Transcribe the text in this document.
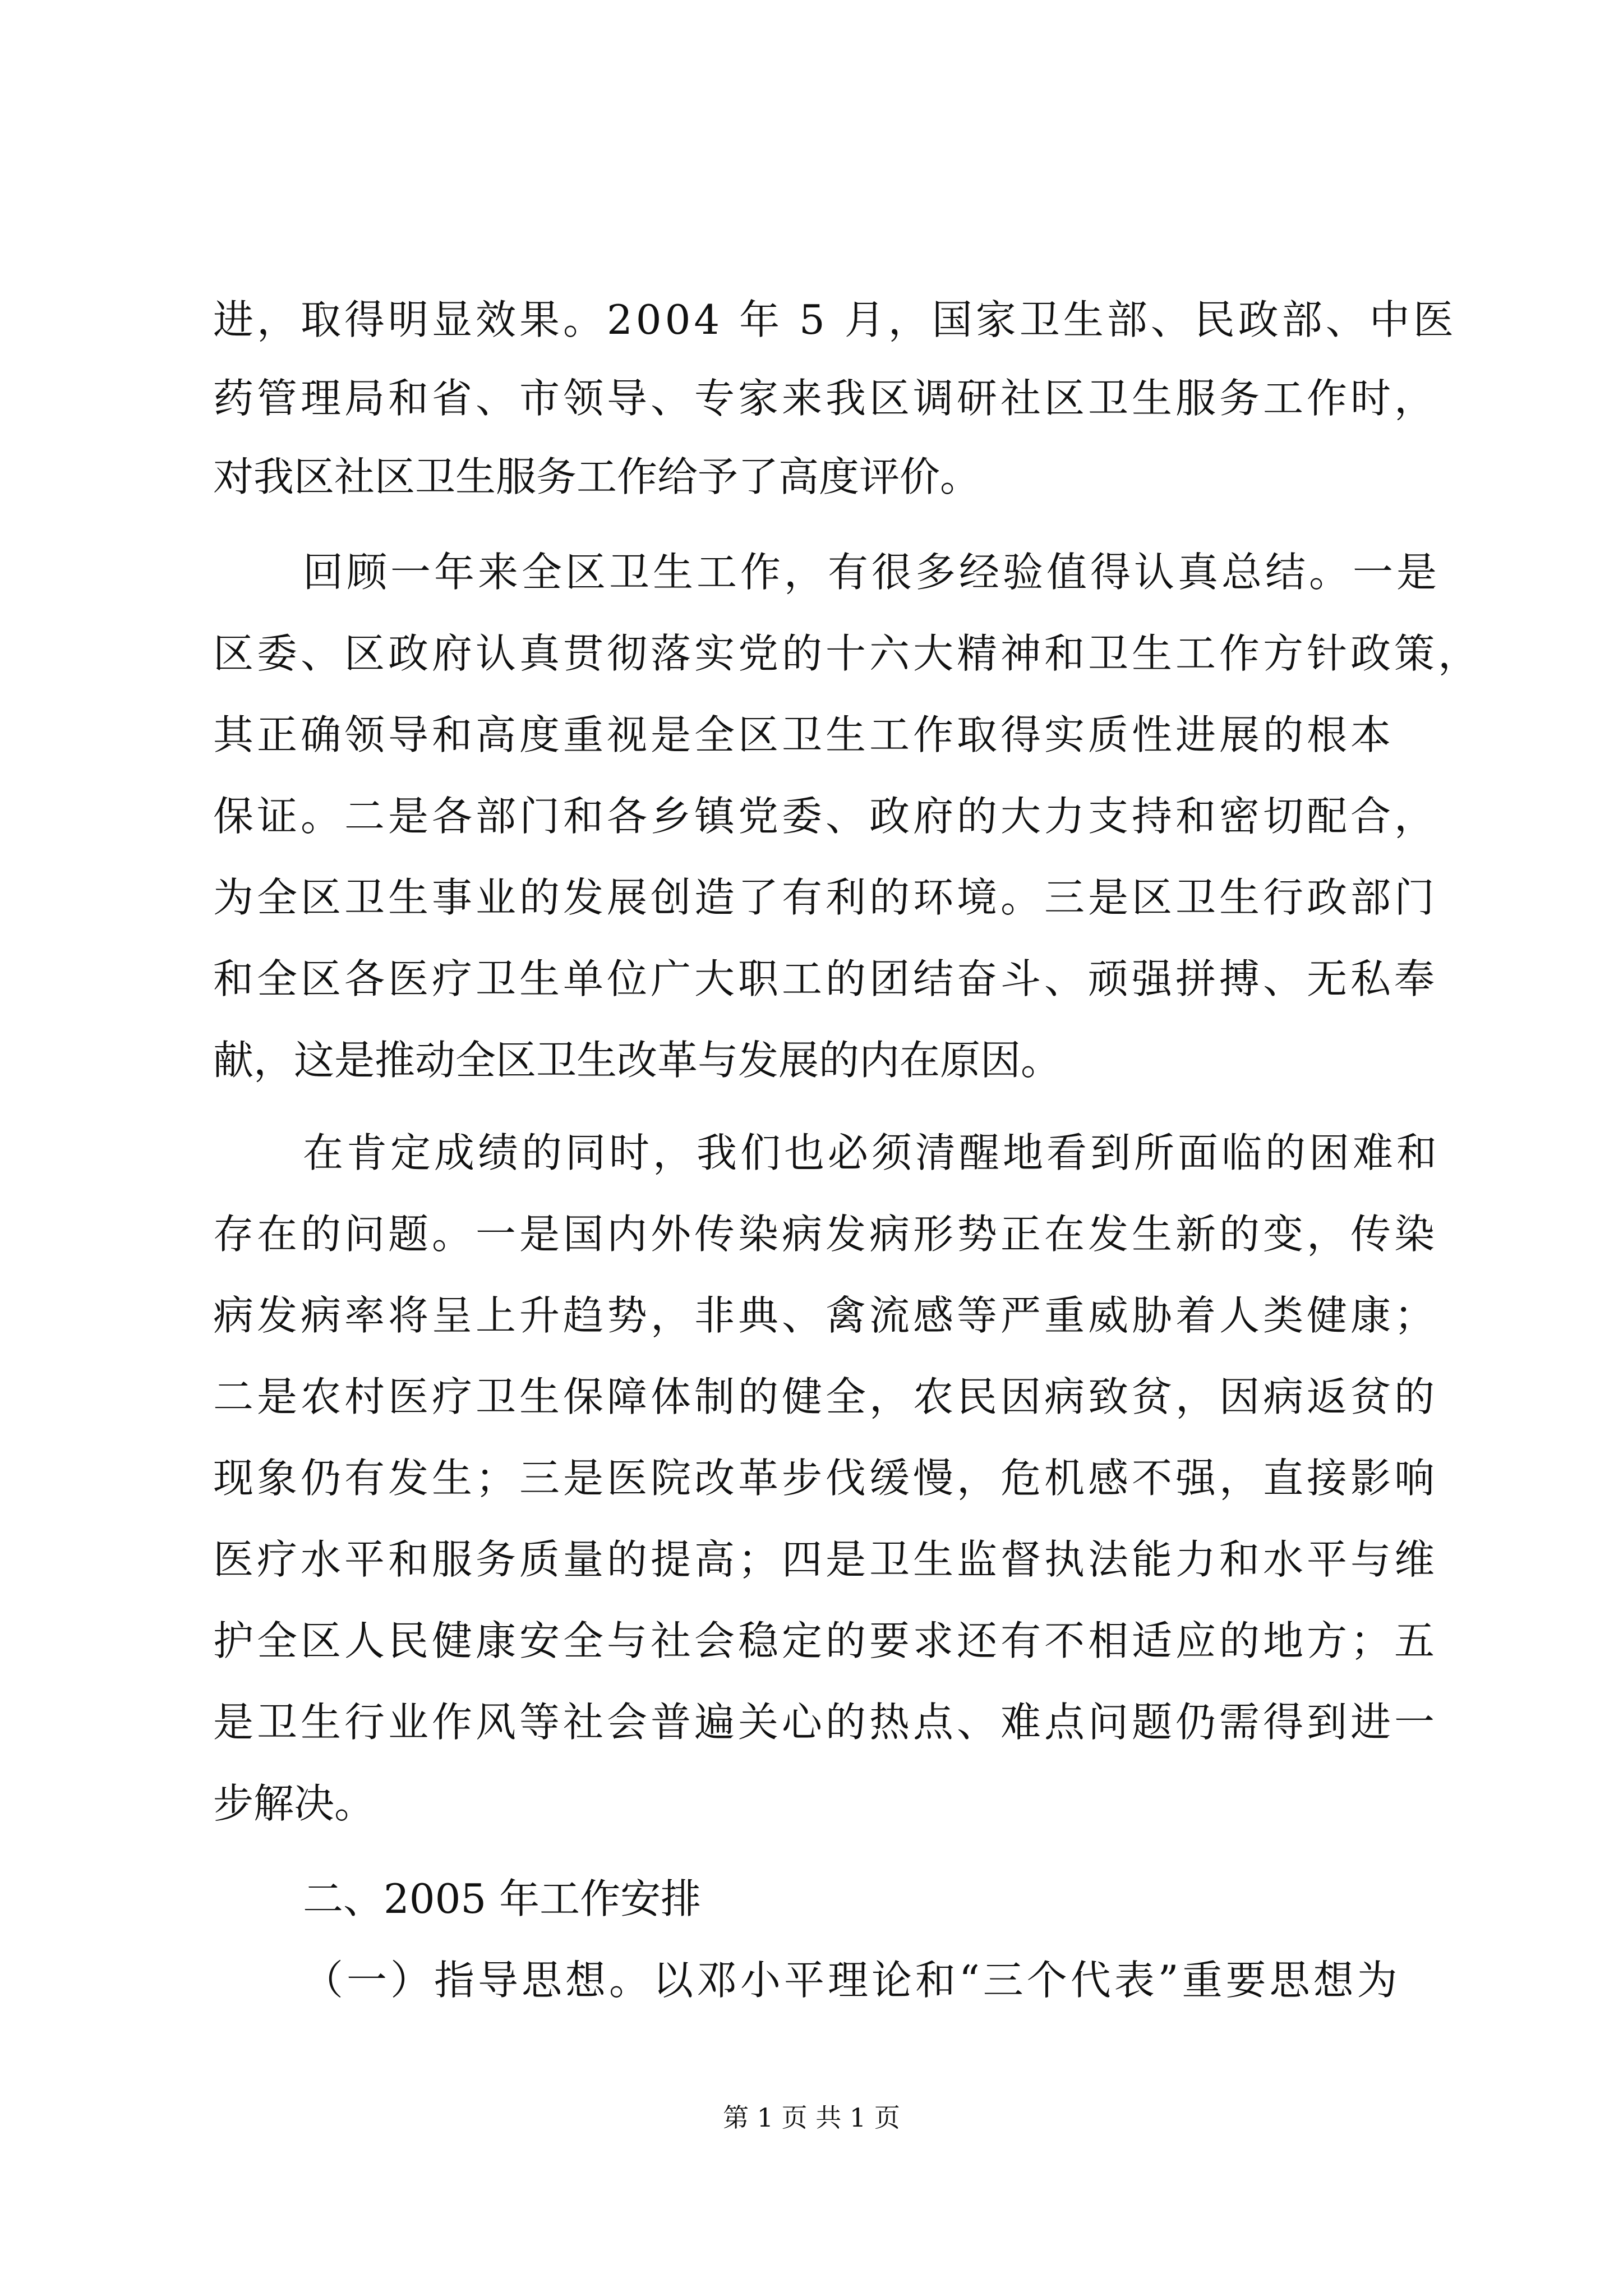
进，取得明显效果。2004 年 5 月，国家卫生部、民政部、中医
药管理局和省、市领导、专家来我区调研社区卫生服务工作时，
对我区社区卫生服务工作给予了高度评价。
回顾一年来全区卫生工作，有很多经验值得认真总结。一是
区委、区政府认真贯彻落实党的十六大精神和卫生工作方针政策，
其正确领导和高度重视是全区卫生工作取得实质性进展的根本
保证。二是各部门和各乡镇党委、政府的大力支持和密切配合，
为全区卫生事业的发展创造了有利的环境。三是区卫生行政部门
和全区各医疗卫生单位广大职工的团结奋斗、顽强拼搏、无私奉
献，这是推动全区卫生改革与发展的内在原因。
在肯定成绩的同时，我们也必须清醒地看到所面临的困难和
存在的问题。一是国内外传染病发病形势正在发生新的变，传染
病发病率将呈上升趋势，非典、禽流感等严重威胁着人类健康；
二是农村医疗卫生保障体制的健全，农民因病致贫，因病返贫的
现象仍有发生；三是医院改革步伐缓慢，危机感不强，直接影响
医疗水平和服务质量的提高；四是卫生监督执法能力和水平与维
护全区人民健康安全与社会稳定的要求还有不相适应的地方；五
是卫生行业作风等社会普遍关心的热点、难点问题仍需得到进一
步解决。
二、2005 年工作安排
（一）指导思想。以邓小平理论和“三个代表”重要思想为
第 1 页 共 1 页
